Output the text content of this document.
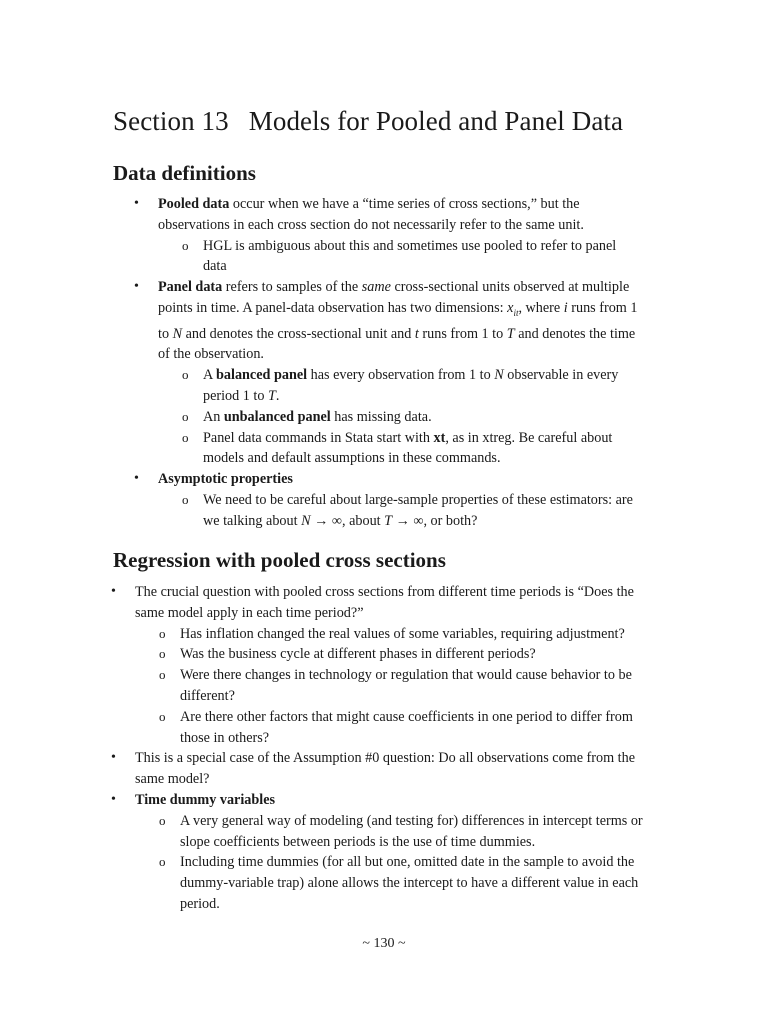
Section 13 Models for Pooled and Panel Data
Data definitions
• Pooled data occur when we have a “time series of cross sections,” but the
observations in each cross section do not necessarily refer to the same unit.
o HGL is ambiguous about this and sometimes use pooled to refer to panel
data
• Panel data refers to samples of the same cross-sectional units observed at multiple
points in time. A panel-data observation has two dimensions: $x_{it}$, where i runs from 1
to N and denotes the cross-sectional unit and t runs from 1 to T and denotes the time
of the observation.
o A balanced panel has every observation from 1 to N observable in every
period 1 to T.
o An unbalanced panel has missing data.
o Panel data commands in Stata start with xt, as in xtreg. Be careful about
models and default assumptions in these commands.
• Asymptotic properties
o We need to be careful about large-sample properties of these estimators: are
we talking about N → ∞, about T → ∞, or both?
Regression with pooled cross sections
• The crucial question with pooled cross sections from different time periods is “Does the
same model apply in each time period?”
o Has inflation changed the real values of some variables, requiring adjustment?
o Was the business cycle at different phases in different periods?
o Were there changes in technology or regulation that would cause behavior to be
different?
o Are there other factors that might cause coefficients in one period to differ from
those in others?
• This is a special case of the Assumption #0 question: Do all observations come from the
same model?
• Time dummy variables
o A very general way of modeling (and testing for) differences in intercept terms or
slope coefficients between periods is the use of time dummies.
o Including time dummies (for all but one, omitted date in the sample to avoid the
dummy-variable trap) alone allows the intercept to have a different value in each
period.
~ 130 ~
